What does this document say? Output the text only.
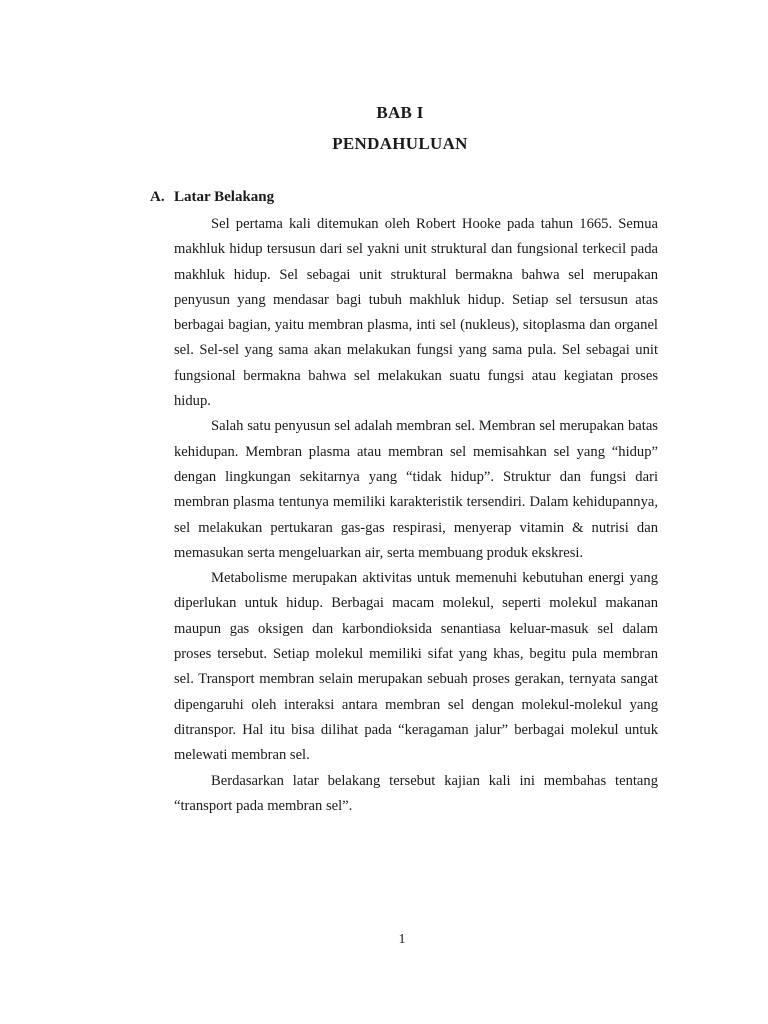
BAB I
PENDAHULUAN
A. Latar Belakang

Sel pertama kali ditemukan oleh Robert Hooke pada tahun 1665. Semua makhluk hidup tersusun dari sel yakni unit struktural dan fungsional terkecil pada makhluk hidup. Sel sebagai unit struktural bermakna bahwa sel merupakan penyusun yang mendasar bagi tubuh makhluk hidup. Setiap sel tersusun atas berbagai bagian, yaitu membran plasma, inti sel (nukleus), sitoplasma dan organel sel. Sel-sel yang sama akan melakukan fungsi yang sama pula. Sel sebagai unit fungsional bermakna bahwa sel melakukan suatu fungsi atau kegiatan proses hidup.

Salah satu penyusun sel adalah membran sel. Membran sel merupakan batas kehidupan. Membran plasma atau membran sel memisahkan sel yang “hidup” dengan lingkungan sekitarnya yang “tidak hidup”. Struktur dan fungsi dari membran plasma tentunya memiliki karakteristik tersendiri. Dalam kehidupannya, sel melakukan pertukaran gas-gas respirasi, menyerap vitamin & nutrisi dan memasukan serta mengeluarkan air, serta membuang produk ekskresi.

Metabolisme merupakan aktivitas untuk memenuhi kebutuhan energi yang diperlukan untuk hidup. Berbagai macam molekul, seperti molekul makanan maupun gas oksigen dan karbondioksida senantiasa keluar-masuk sel dalam proses tersebut. Setiap molekul memiliki sifat yang khas, begitu pula membran sel. Transport membran selain merupakan sebuah proses gerakan, ternyata sangat dipengaruhi oleh interaksi antara membran sel dengan molekul-molekul yang ditranspor. Hal itu bisa dilihat pada “keragaman jalur” berbagai molekul untuk melewati membran sel.

Berdasarkan latar belakang tersebut kajian kali ini membahas tentang “transport pada membran sel”.

1
